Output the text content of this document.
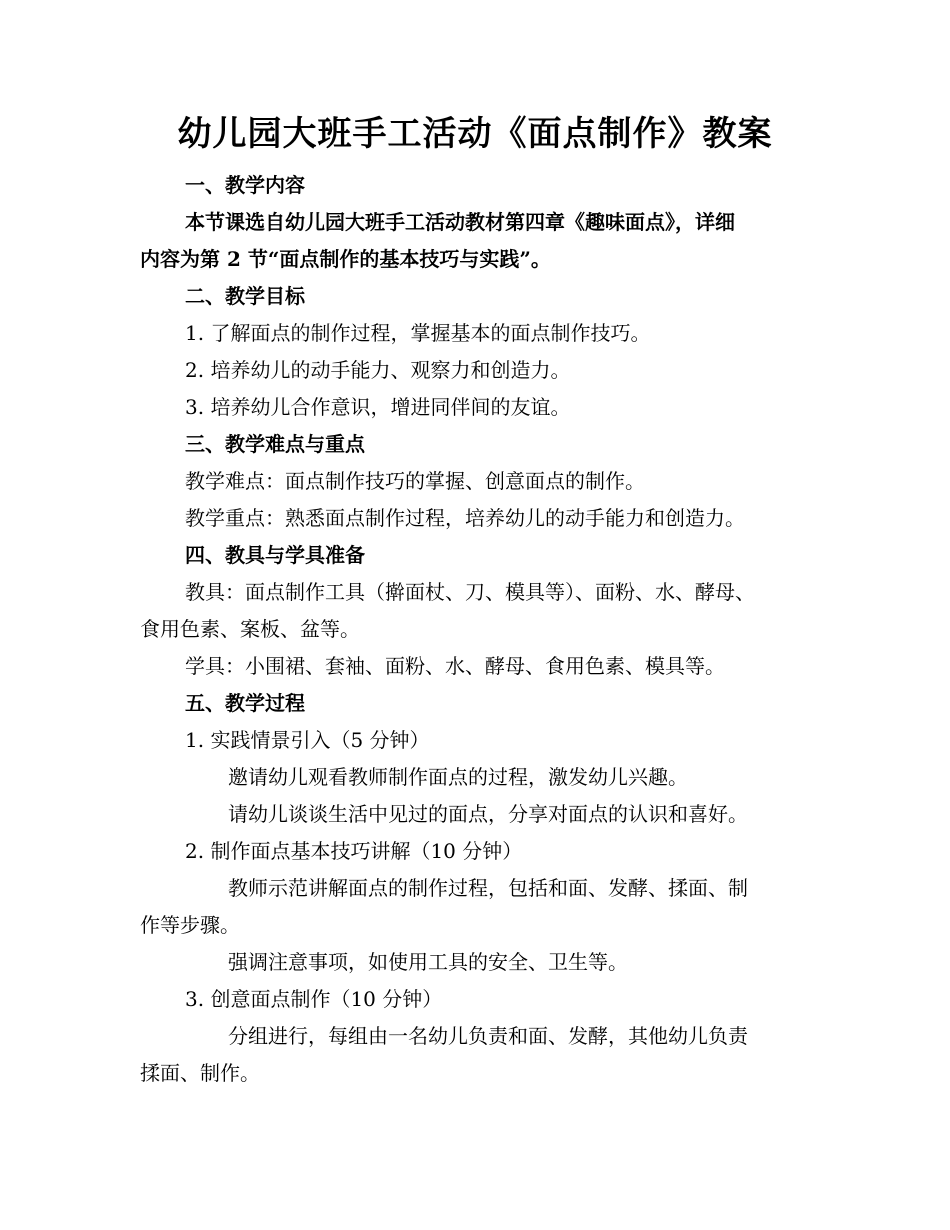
幼儿园大班手工活动《面点制作》教案
一、教学内容
本节课选自幼儿园大班手工活动教材第四章《趣味面点》，详细
内容为第 2 节“面点制作的基本技巧与实践”。
二、教学目标
1. 了解面点的制作过程，掌握基本的面点制作技巧。
2. 培养幼儿的动手能力、观察力和创造力。
3. 培养幼儿合作意识，增进同伴间的友谊。
三、教学难点与重点
教学难点：面点制作技巧的掌握、创意面点的制作。
教学重点：熟悉面点制作过程，培养幼儿的动手能力和创造力。
四、教具与学具准备
教具：面点制作工具（擀面杖、刀、模具等）、面粉、水、酵母、
食用色素、案板、盆等。
学具：小围裙、套袖、面粉、水、酵母、食用色素、模具等。
五、教学过程
1. 实践情景引入（5 分钟）
邀请幼儿观看教师制作面点的过程，激发幼儿兴趣。
请幼儿谈谈生活中见过的面点，分享对面点的认识和喜好。
2. 制作面点基本技巧讲解（10 分钟）
教师示范讲解面点的制作过程，包括和面、发酵、揉面、制
作等步骤。
强调注意事项，如使用工具的安全、卫生等。
3. 创意面点制作（10 分钟）
分组进行，每组由一名幼儿负责和面、发酵，其他幼儿负责
揉面、制作。
